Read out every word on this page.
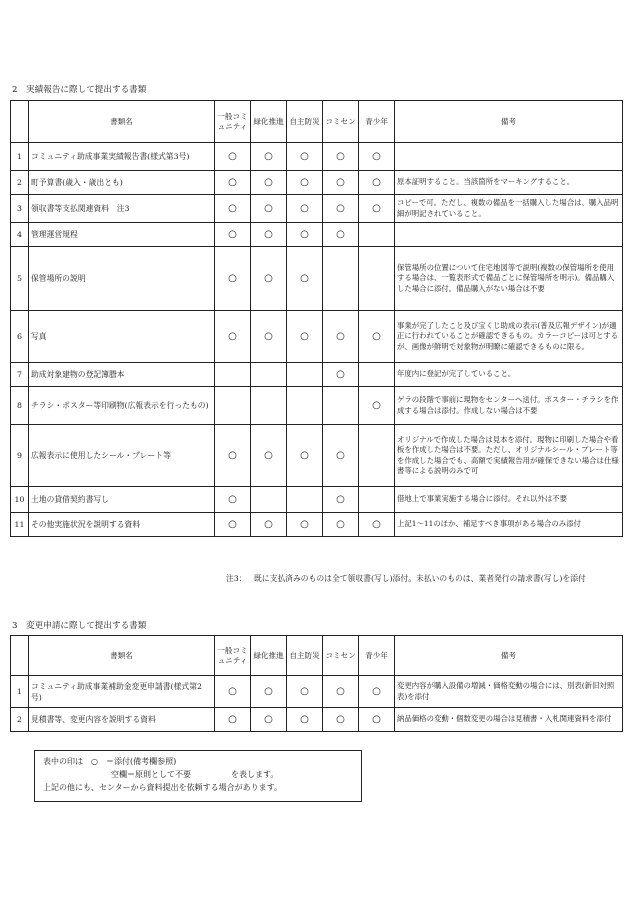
2　実績報告に際して提出する書類
	書類名	一般コミュニティ	緑化推進	自主防災	コミセン	青少年	備考
1	コミュニティ助成事業実績報告書(様式第3号)	○	○	○	○	○	
2	町予算書(歳入・歳出とも)	○	○	○	○	○	原本証明すること。当該箇所をマーキングすること。
3	領収書等支払関連資料　注3	○	○	○	○	○	コピーで可。ただし、複数の備品を一括購入した場合は、購入品明細が明記されていること。
4	管理運営規程	○	○	○	○		
5	保管場所の説明	○	○	○			保管場所の位置について住宅地図等で説明(複数の保管場所を使用する場合は、一覧表形式で備品ごとに保管場所を明示)。備品購入した場合に添付。備品購入がない場合は不要
6	写真	○	○	○	○	○	事業が完了したこと及び宝くじ助成の表示(普及広報デザイン)が適正に行われていることが確認できるもの。カラーコピーは可とするが、画像が鮮明で対象物が明瞭に確認できるものに限る。
7	助成対象建物の登記簿謄本				○		年度内に登記が完了していること。
8	チラシ・ポスター等印刷物(広報表示を行ったもの)					○	ゲラの段階で事前に現物をセンターへ送付。ポスター・チラシを作成する場合は添付。作成しない場合は不要
9	広報表示に使用したシール・プレート等	○	○	○	○		オリジナルで作成した場合は見本を添付。現物に印刷した場合や看板を作成した場合は不要。ただし、オリジナルシール・プレート等を作成した場合でも、高額で実績報告用が確保できない場合は仕様書等による説明のみで可
10	土地の貸借契約書写し	○			○		借地上で事業実施する場合に添付。それ以外は不要
11	その他実施状況を説明する資料	○	○	○	○	○	上記1〜11のほか、補足すべき事項がある場合のみ添付
注3： 既に支払済みのものは全て領収書(写し)添付。未払いのものは、業者発行の請求書(写し)を添付
3　変更申請に際して提出する書類
	書類名	一般コミュニティ	緑化推進	自主防災	コミセン	青少年	備考
1	コミュニティ助成事業補助金変更申請書(様式第2号)	○	○	○	○	○	変更内容が購入設備の増減・価格変動の場合には、別表(新旧対照表)を添付
2	見積書等、変更内容を説明する資料	○	○	○	○	○	納品価格の変動・個数変更の場合は見積書・入札関連資料を添付
表中の印は　○　＝添付(備考欄参照)
空欄＝原則として不要	を表します。
上記の他にも、センターから資料提出を依頼する場合があります。
